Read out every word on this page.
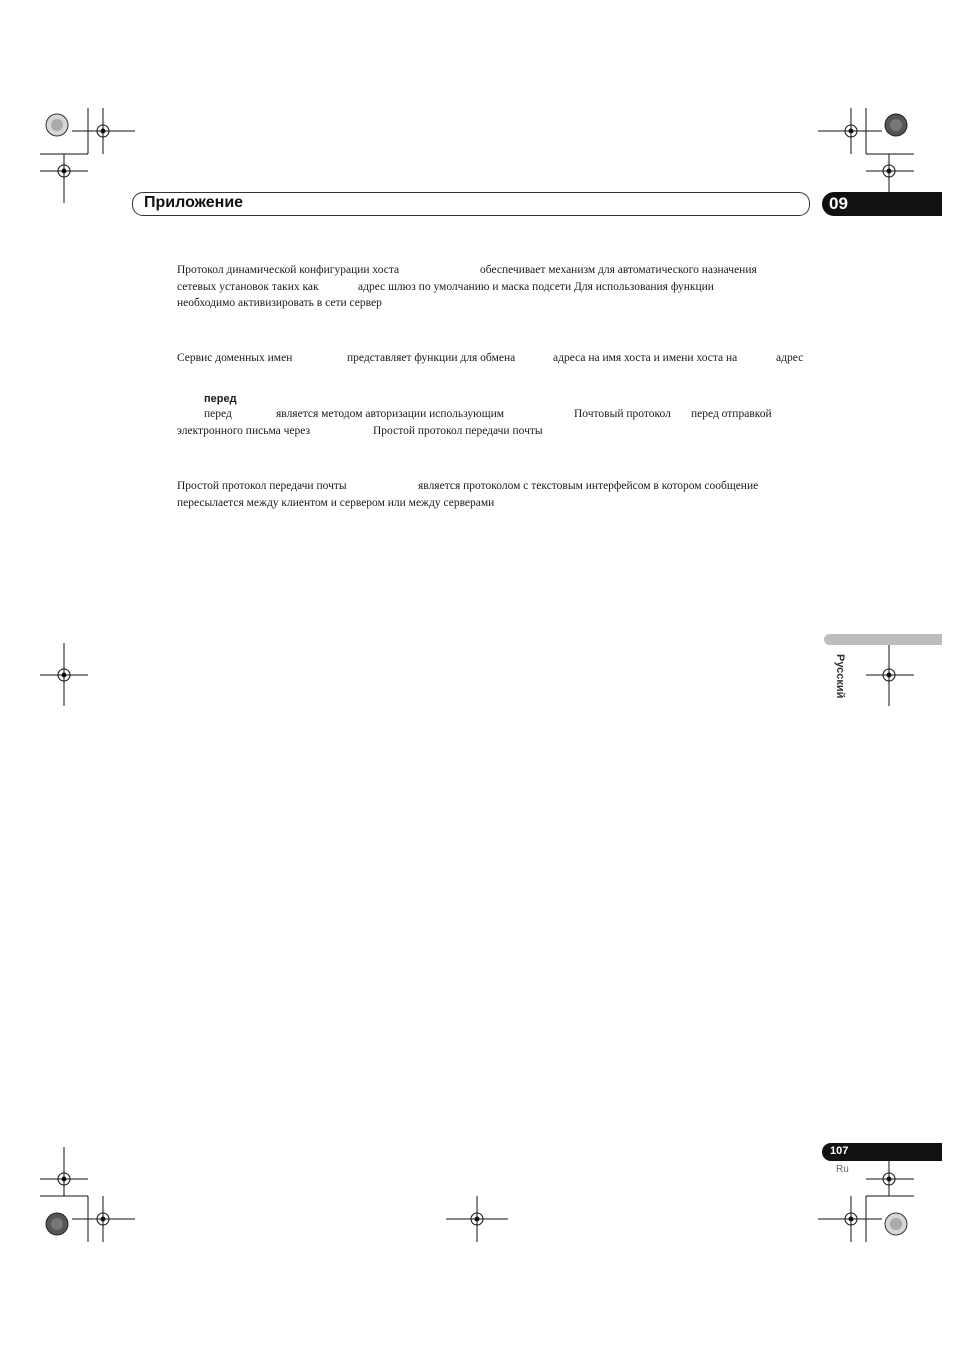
Приложение	09
Протокол динамической конфигурации хоста	обеспечивает механизм для автоматического назначения
сетевых установок таких как	адрес шлюз по умолчанию и маска подсети Для использования функции
необходимо активизировать в сети сервер
Сервис доменных имен	представляет функции для обмена	адреса на имя хоста и имени хоста на	адрес
перед
перед	является методом авторизации использующим	Почтовый протокол перед отправкой
электронного письма через	Простой протокол передачи почты
Простой протокол передачи почты	является протоколом с текстовым интерфейсом в котором сообщение
пересылается между клиентом и сервером или между серверами
Русский
107
Ru
